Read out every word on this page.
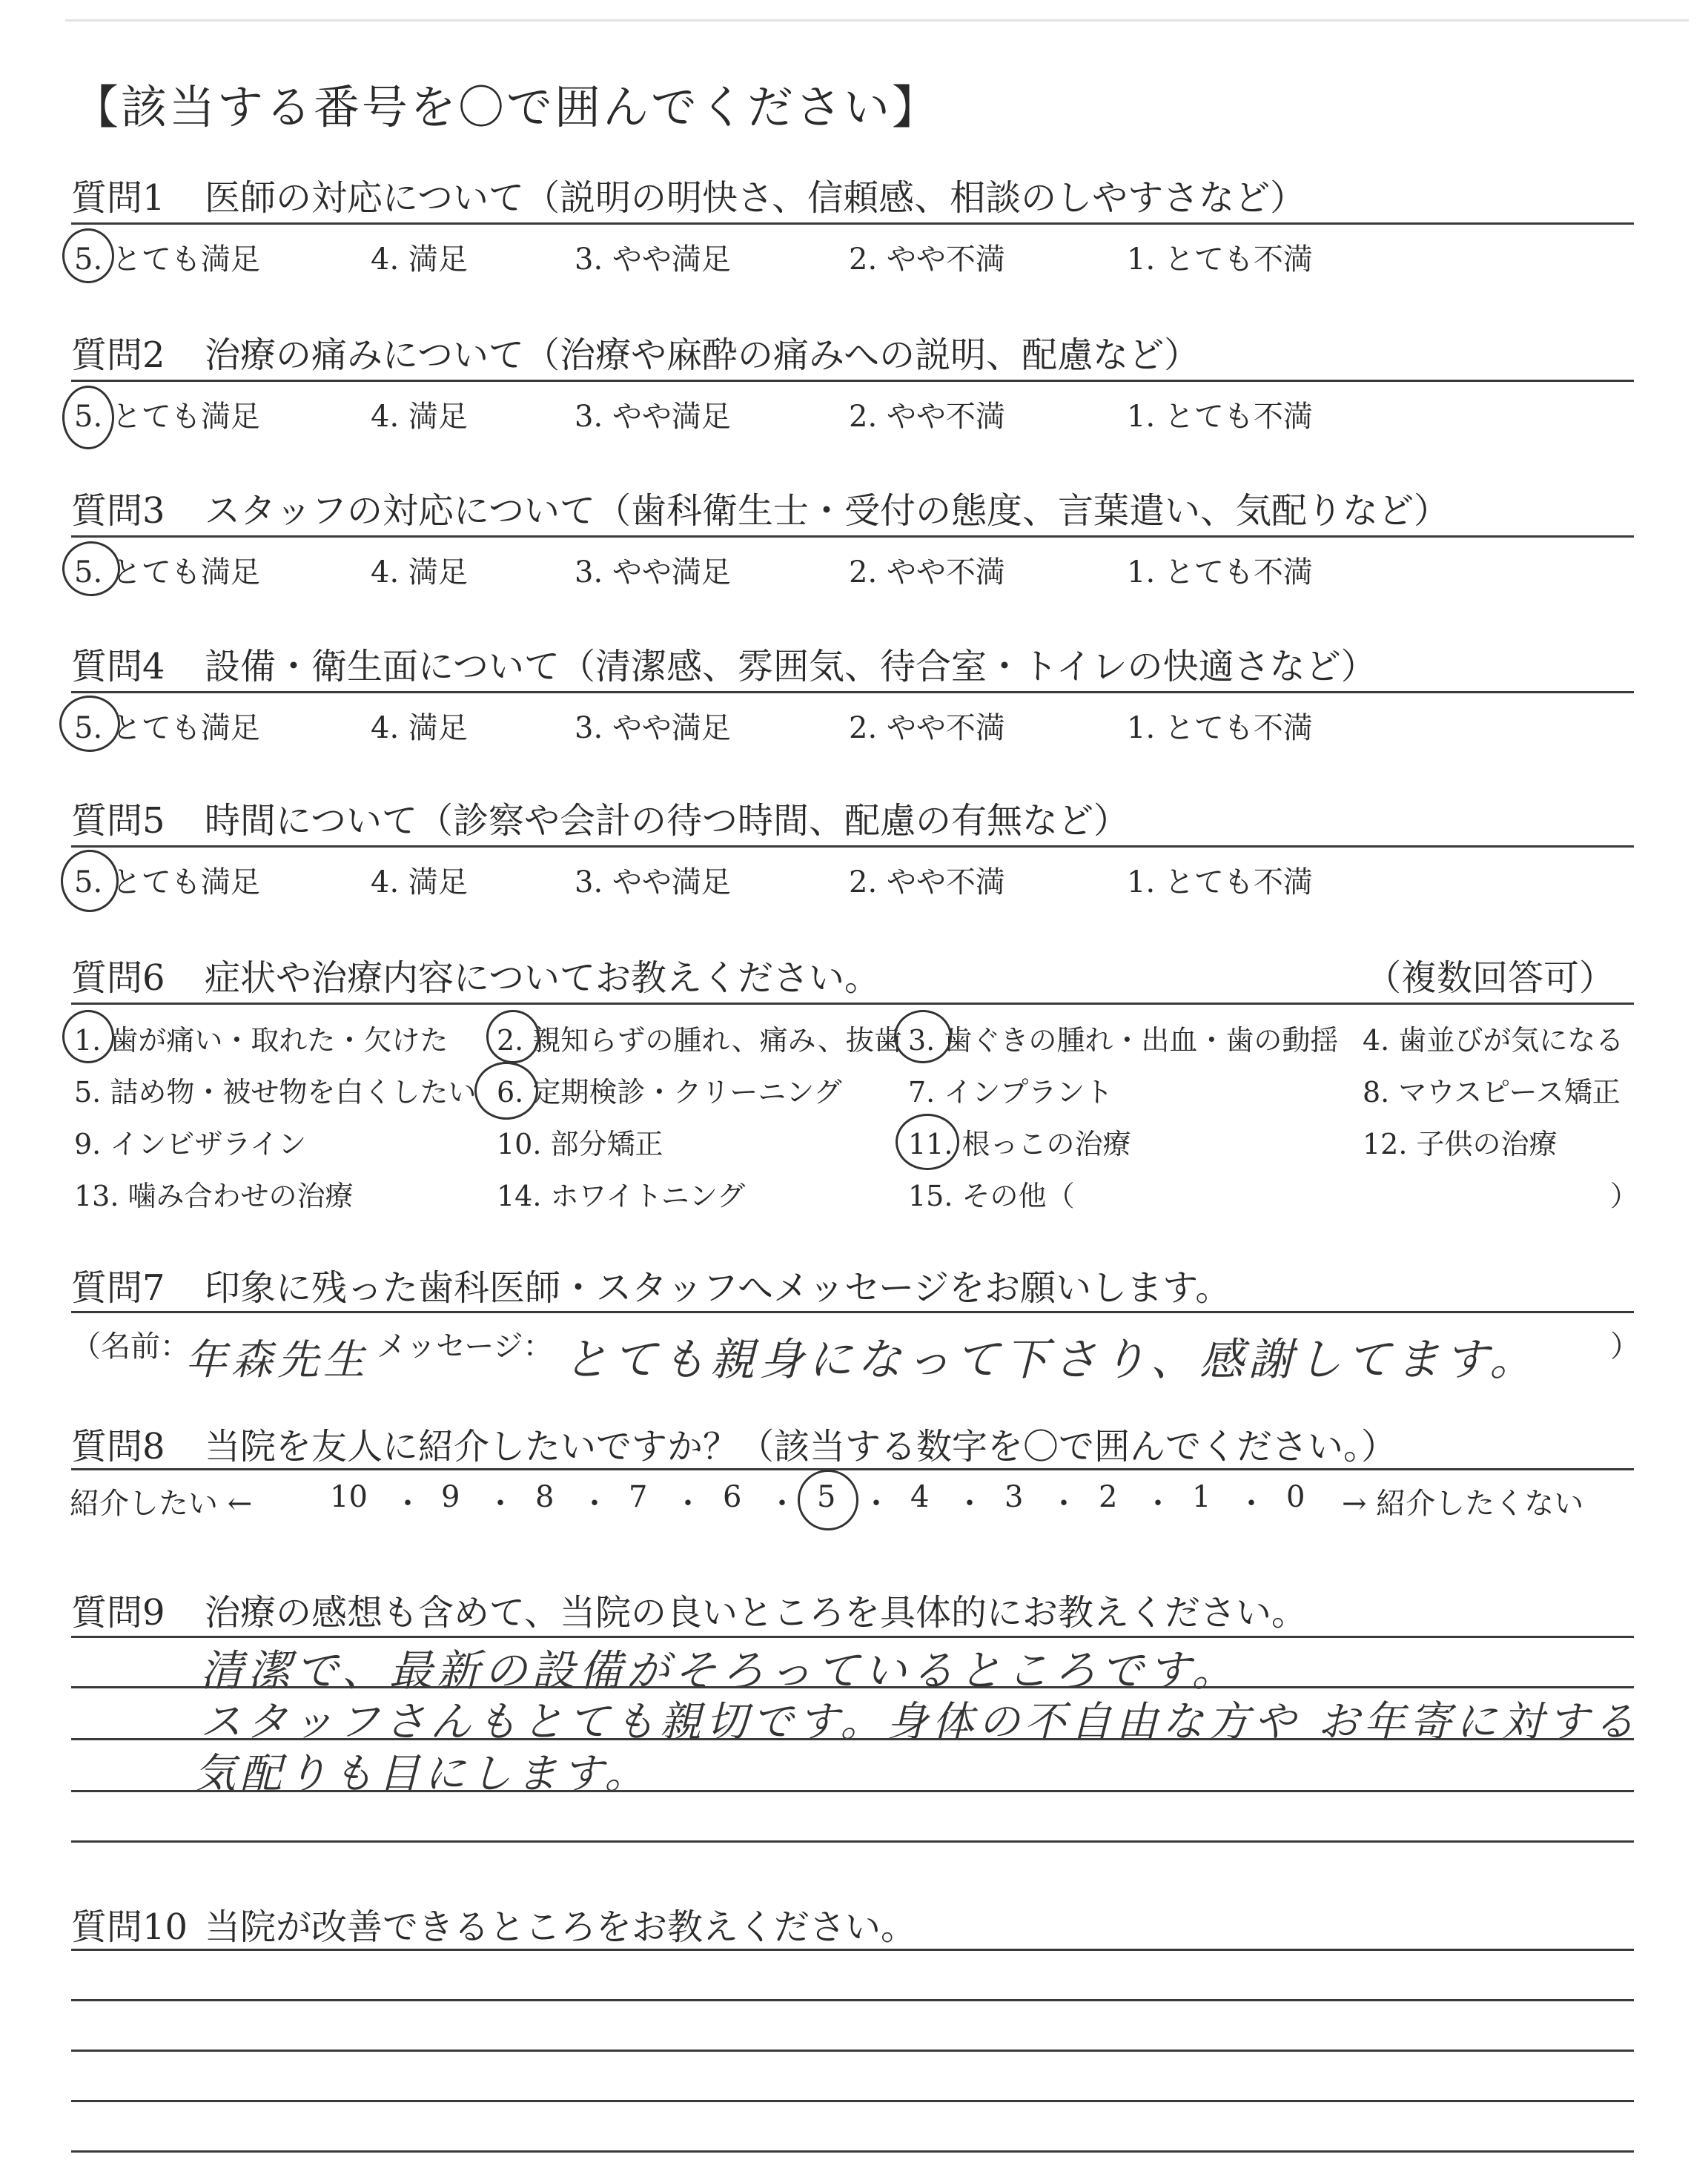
【該当する番号を〇で囲んでください】
質問1 医師の対応について（説明の明快さ、信頼感、相談のしやすさなど）
5. とても満足	4. 満足	3. やや満足	2. やや不満	1. とても不満
質問2 治療の痛みについて（治療や麻酔の痛みへの説明、配慮など）
5. とても満足	4. 満足	3. やや満足	2. やや不満	1. とても不満
質問3 スタッフの対応について（歯科衛生士・受付の態度、言葉遣い、気配りなど）
5. とても満足	4. 満足	3. やや満足	2. やや不満	1. とても不満
質問4 設備・衛生面について（清潔感、雰囲気、待合室・トイレの快適さなど）
5. とても満足	4. 満足	3. やや満足	2. やや不満	1. とても不満
質問5 時間について（診察や会計の待つ時間、配慮の有無など）
5. とても満足	4. 満足	3. やや満足	2. やや不満	1. とても不満
質問6 症状や治療内容についてお教えください。	（複数回答可）
1. 歯が痛い・取れた・欠けた 2. 親知らずの腫れ、痛み、抜歯 3. 歯ぐきの腫れ・出血・歯の動揺 4. 歯並びが気になる
5. 詰め物・被せ物を白くしたい 6. 定期検診・クリーニング 7. インプラント	8. マウスピース矯正
9. インビザライン	10. 部分矯正	11. 根っこの治療	12. 子供の治療
13. 噛み合わせの治療	14. ホワイトニング	15. その他（	）
質問7 印象に残った歯科医師・スタッフへメッセージをお願いします。
（名前：
年森先生 メッセージ： とても親身になって下さり、感謝してます。 ）
質問8 当院を友人に紹介したいですか？（該当する数字を〇で囲んでください。）
紹介したい ←	10 ・ 9 ・ 8 ・ 7 ・ 6 ・ 5 ・ 4 ・ 3 ・ 2 ・ 1 ・ 0 → 紹介したくない
質問9 治療の感想も含めて、当院の良いところを具体的にお教えください。
清潔で、最新の設備がそろっているところです。
スタッフさんもとても親切です。身体の不自由な方や お年寄に対する
気配りも目にします。
質問10 当院が改善できるところをお教えください。
